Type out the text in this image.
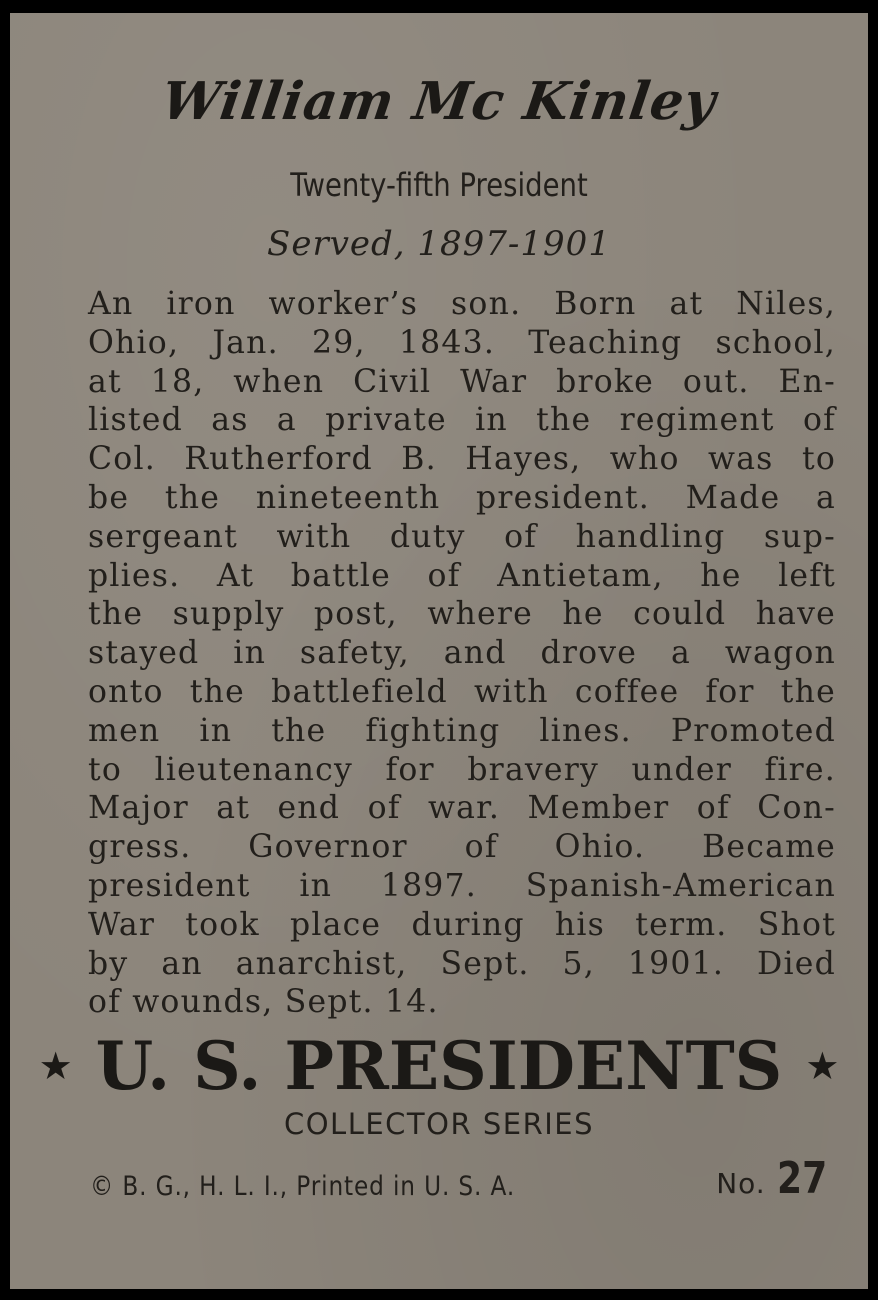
William Mc Kinley
Twenty-fifth President
Served, 1897-1901
An iron worker’s son. Born at Niles,
Ohio, Jan. 29, 1843. Teaching school,
at 18, when Civil War broke out. En-
listed as a private in the regiment of
Col. Rutherford B. Hayes, who was to
be the nineteenth president. Made a
sergeant with duty of handling sup-
plies. At battle of Antietam, he left
the supply post, where he could have
stayed in safety, and drove a wagon
onto the battlefield with coffee for the
men in the fighting lines. Promoted
to lieutenancy for bravery under fire.
Major at end of war. Member of Con-
gress. Governor of Ohio. Became
president in 1897. Spanish-American
War took place during his term. Shot
by an anarchist, Sept. 5, 1901. Died
of wounds, Sept. 14.
★ U. S. PRESIDENTS ★
COLLECTOR SERIES
© B. G., H. L. I., Printed in U. S. A.	No. 27
